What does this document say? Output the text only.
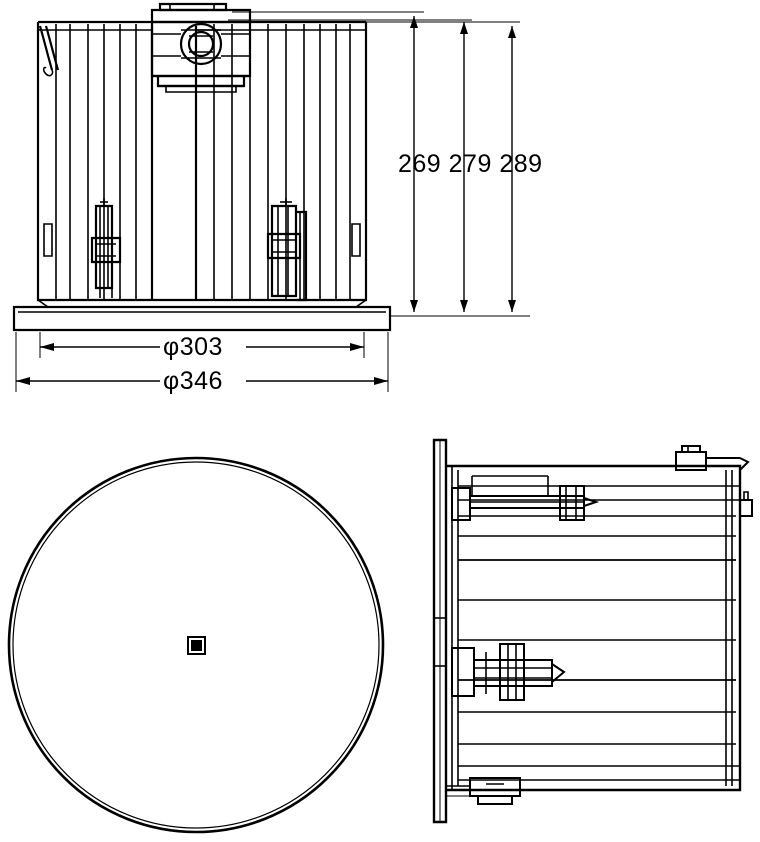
269 279 289
φ303
φ346
